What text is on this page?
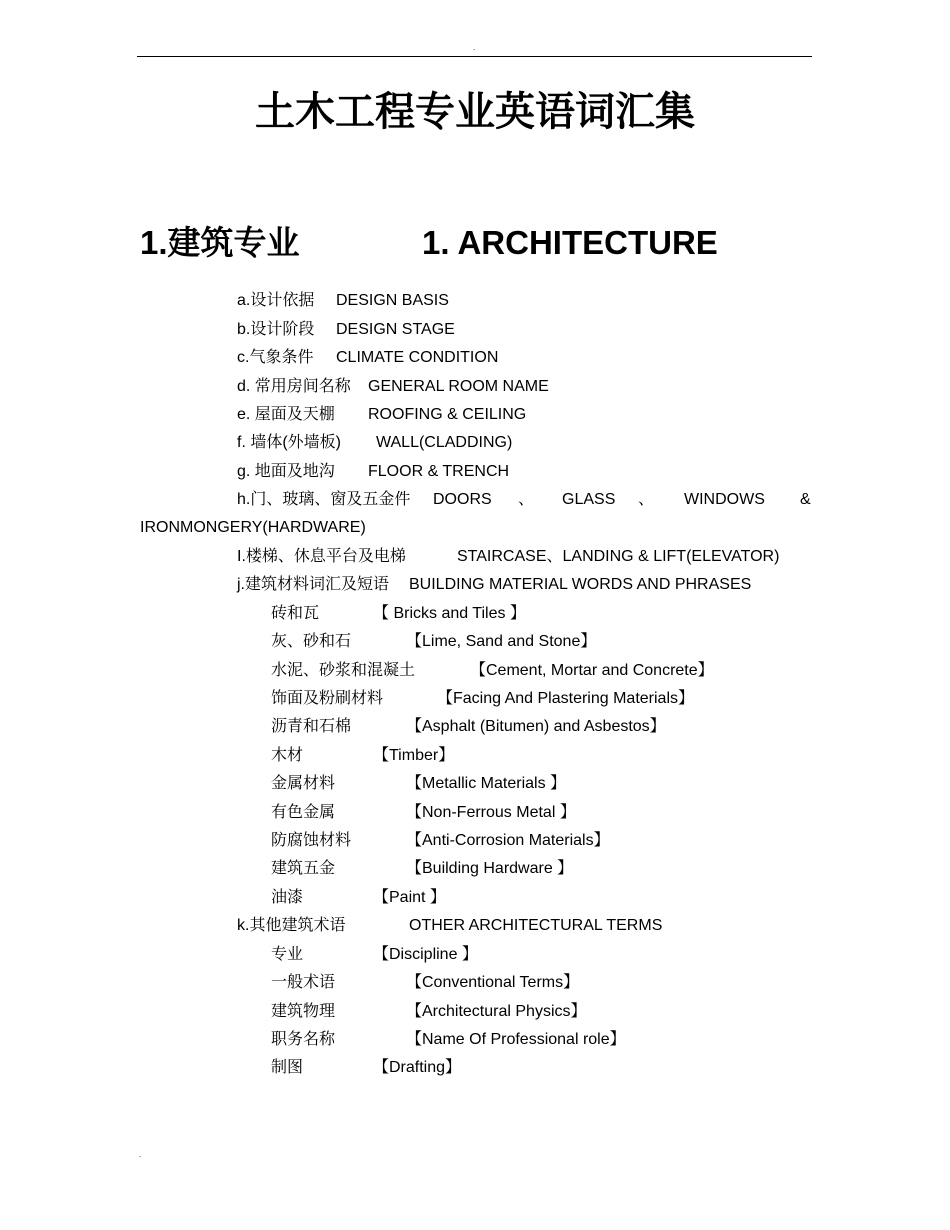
.
土木工程专业英语词汇集
1.建筑专业	1. ARCHITECTURE
a.设计依据 DESIGN BASIS
b.设计阶段 DESIGN STAGE
c.气象条件 CLIMATE CONDITION
d. 常用房间名称 GENERAL ROOM NAME
e. 屋面及天棚 ROOFING & CEILING
f. 墙体(外墙板) WALL(CLADDING)
g. 地面及地沟 FLOOR & TRENCH
h.门、玻璃、窗及五金件 DOORS 、 GLASS 、 WINDOWS &
IRONMONGERY(HARDWARE)
I.楼梯、休息平台及电梯	STAIRCASE、LANDING & LIFT(ELEVATOR)
j.建筑材料词汇及短语 BUILDING MATERIAL WORDS AND PHRASES
砖和瓦	【 Bricks and Tiles 】
灰、砂和石	【Lime, Sand and Stone】
水泥、砂浆和混凝土	【Cement, Mortar and Concrete】
饰面及粉刷材料	【Facing And Plastering Materials】
沥青和石棉	【Asphalt (Bitumen) and Asbestos】
木材	【Timber】
金属材料	【Metallic Materials 】
有色金属	【Non-Ferrous Metal 】
防腐蚀材料	【Anti-Corrosion Materials】
建筑五金	【Building Hardware 】
油漆	【Paint 】
k.其他建筑术语	OTHER ARCHITECTURAL TERMS
专业	【Discipline 】
一般术语	【Conventional Terms】
建筑物理	【Architectural Physics】
职务名称	【Name Of Professional role】
制图	【Drafting】
.
